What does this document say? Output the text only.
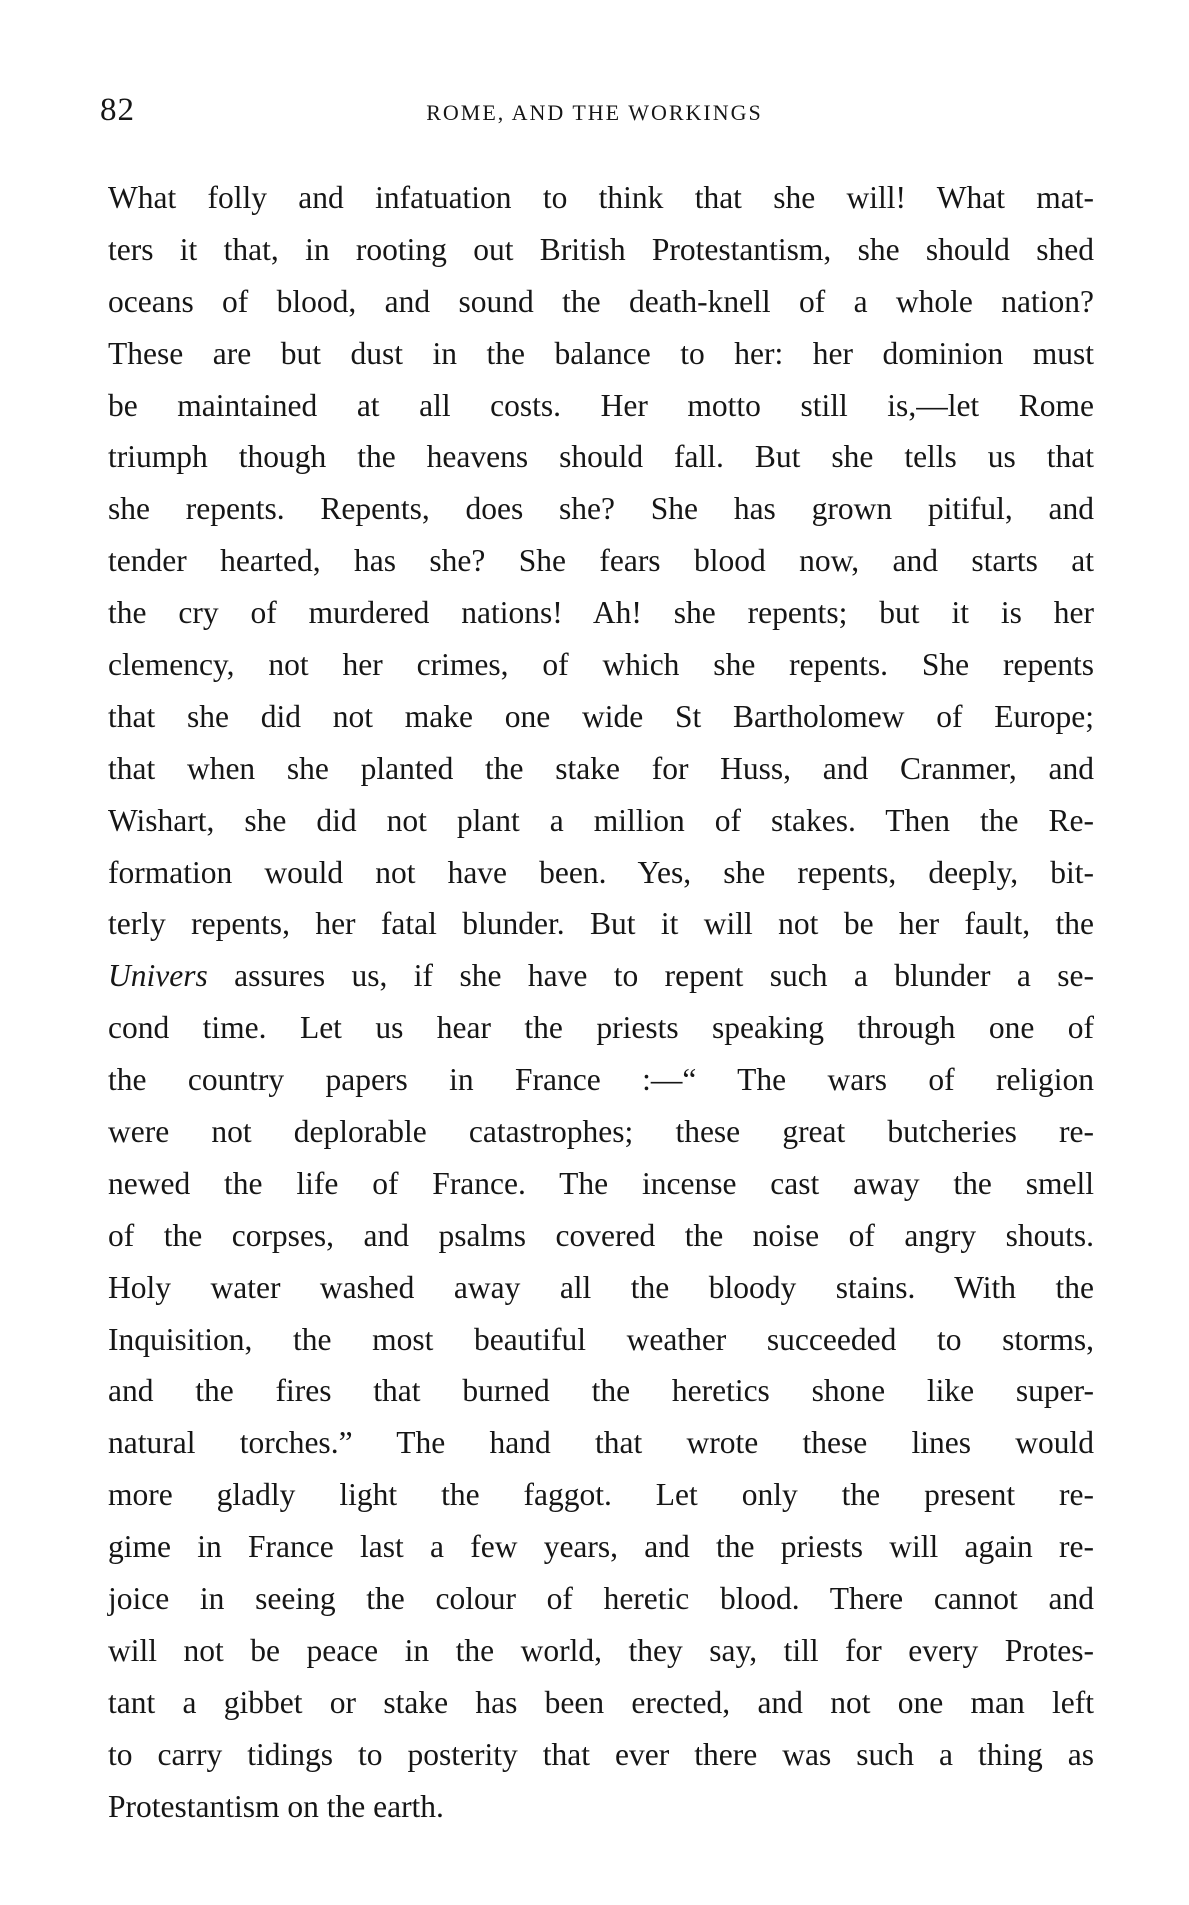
82	ROME, AND THE WORKINGS
What folly and infatuation to think that she will! What mat-
ters it that, in rooting out British Protestantism, she should shed
oceans of blood, and sound the death-knell of a whole nation?
These are but dust in the balance to her: her dominion must
be maintained at all costs. Her motto still is,—let Rome
triumph though the heavens should fall. But she tells us that
she repents. Repents, does she? She has grown pitiful, and
tender hearted, has she? She fears blood now, and starts at
the cry of murdered nations! Ah! she repents; but it is her
clemency, not her crimes, of which she repents. She repents
that she did not make one wide St Bartholomew of Europe;
that when she planted the stake for Huss, and Cranmer, and
Wishart, she did not plant a million of stakes. Then the Re-
formation would not have been. Yes, she repents, deeply, bit-
terly repents, her fatal blunder. But it will not be her fault, the
Univers assures us, if she have to repent such a blunder a se-
cond time. Let us hear the priests speaking through one of
the country papers in France :—“ The wars of religion
were not deplorable catastrophes; these great butcheries re-
newed the life of France. The incense cast away the smell
of the corpses, and psalms covered the noise of angry shouts.
Holy water washed away all the bloody stains. With the
Inquisition, the most beautiful weather succeeded to storms,
and the fires that burned the heretics shone like super-
natural torches.” The hand that wrote these lines would
more gladly light the faggot. Let only the present re-
gime in France last a few years, and the priests will again re-
joice in seeing the colour of heretic blood. There cannot and
will not be peace in the world, they say, till for every Protes-
tant a gibbet or stake has been erected, and not one man left
to carry tidings to posterity that ever there was such a thing as
Protestantism on the earth.
